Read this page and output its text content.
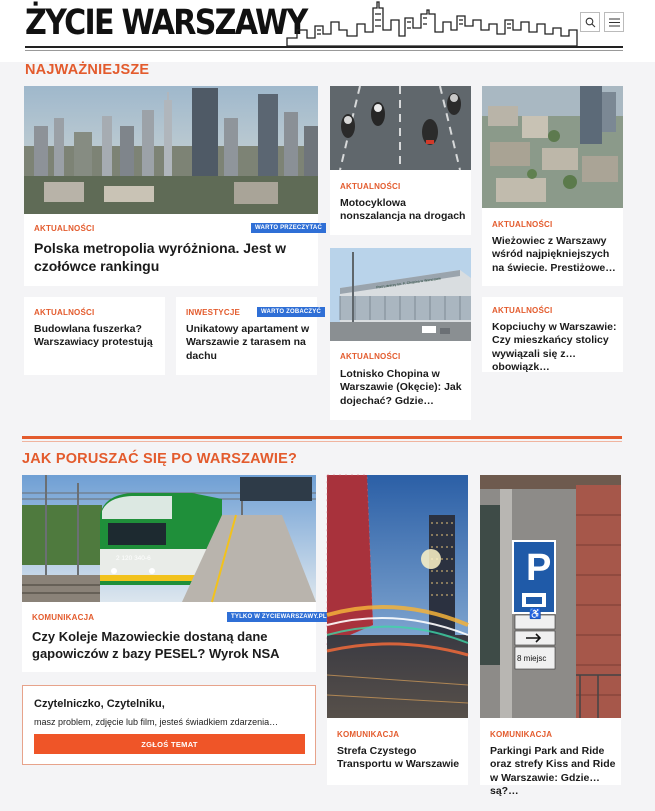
ŻYCIE WARSZAWY
NAJWAŻNIEJSZE
AKTUALNOŚCI	WARTO PRZECZYTAĆ
Polska metropolia wyróżniona. Jest w czołówce rankingu
AKTUALNOŚCI
Motocyklowa nonszalancja na drogach
AKTUALNOŚCI
Wieżowiec z Warszawy wśród najpiękniejszych na świecie. Prestiżowe…
AKTUALNOŚCI
Budowlana fuszerka? Warszawiacy protestują
INWESTYCJE	WARTO ZOBACZYĆ
Unikatowy apartament w Warszawie z tarasem na dachu
Port Lotniczy Im. F. Chopina w Warszawie
AKTUALNOŚCI
Lotnisko Chopina w Warszawie (Okęcie): Jak dojechać? Gdzie…
AKTUALNOŚCI
Kopciuchy w Warszawie: Czy mieszkańcy stolicy wywiązali się z obowiązk…
JAK PORUSZAĆ SIĘ PO WARSZAWIE?
2 120 340-6
KOMUNIKACJA	TYLKO W ZYCIEWARSZAWY.PL
Czy Koleje Mazowieckie dostaną dane gapowiczów z bazy PESEL? Wyrok NSA
Czytelniczko, Czytelniku,
masz problem, zdjęcie lub film, jesteś świadkiem zdarzenia…
ZGŁOŚ TEMAT
KOMUNIKACJA
Strefa Czystego Transportu w Warszawie
P
♿
8 miejsc
KOMUNIKACJA
Parkingi Park and Ride oraz strefy Kiss and Ride w Warszawie: Gdzie są?…
